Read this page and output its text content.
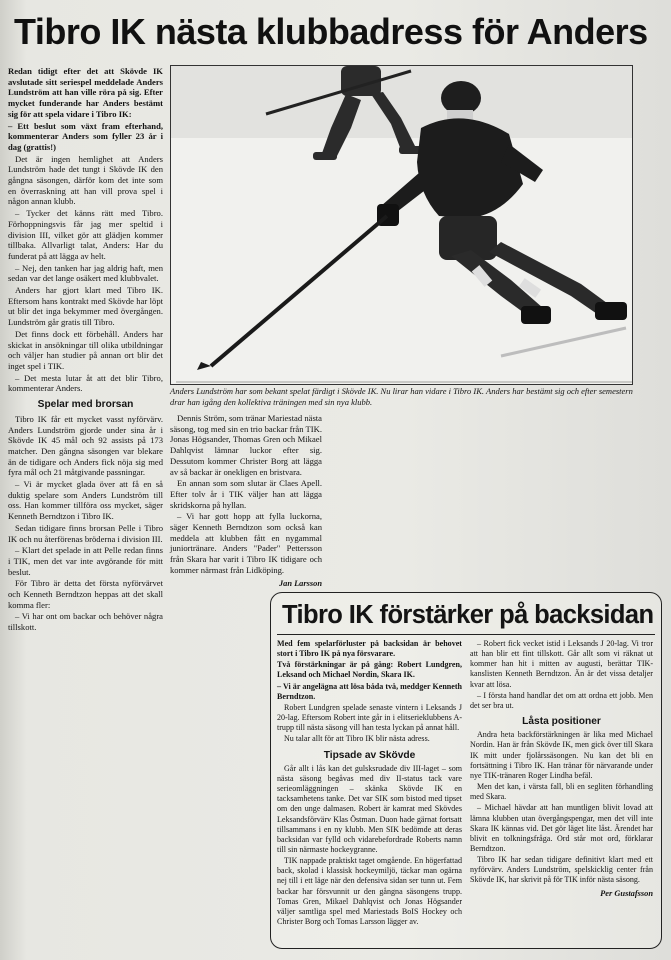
Tibro IK nästa klubbadress för Anders

Redan tidigt efter det att Skövde IK avslutade sitt seriespel meddelade Anders Lundström att han ville röra på sig. Efter mycket funderande har Anders bestämt sig för att spela vidare i Tibro IK:

– Ett beslut som växt fram efterhand, kommenterar Anders som fyller 23 år i dag (grattis!)

Det är ingen hemlighet att Anders Lundström hade det tungt i Skövde IK den gångna säsongen, därför kom det inte som en överraskning att han vill prova spel i någon annan klubb.

– Tycker det känns rätt med Tibro. Förhoppningsvis får jag mer speltid i division III, vilket gör att glädjen kommer tillbaka. Allvarligt talat, Anders: Har du funderat på att lägga av helt.

– Nej, den tanken har jag aldrig haft, men sedan var det lange osäkert med klubbvalet.

Anders har gjort klart med Tibro IK. Eftersom hans kontrakt med Skövde har löpt ut blir det inga bekymmer med övergången. Lundström går gratis till Tibro.

Det finns dock ett förbehåll. Anders har skickat in ansökningar till olika utbildningar och väljer han studier på annan ort blir det inget spel i TIK.

– Det mesta lutar åt att det blir Tibro, kommenterar Anders.

Spelar med brorsan

Tibro IK får ett mycket vasst nyförvärv. Anders Lundström gjorde under sina år i Skövde IK 45 mål och 92 assists på 173 matcher. Den gångna säsongen var blekare än de tidigare och Anders fick nöja sig med fyra mål och 21 måtgivande passningar.

– Vi är mycket glada över att få en så duktig spelare som Anders Lundström till oss. Han kommer tillföra oss mycket, säger Kenneth Berndtzon i Tibro IK.

Sedan tidigare finns brorsan Pelle i Tibro IK och nu återförenas bröderna i division III.

– Klart det spelade in att Pelle redan finns i TIK, men det var inte avgörande för mitt beslut.

För Tibro är detta det första nyförvärvet och Kenneth Berndtzon heppas att det skall komma fler:

– Vi har ont om backar och behöver några tillskott.

Anders Lundström har som bekant spelat färdigt i Skövde IK. Nu lirar han vidare i Tibro IK. Anders har bestämt sig och efter semestern drar han igång den kollektiva träningen med sin nya klubb.

Dennis Ström, som tränar Mariestad nästa säsong, tog med sin en trio backar från TIK. Jonas Högsander, Thomas Gren och Mikael Dahlqvist lämnar luckor efter sig. Dessutom kommer Christer Borg att lägga av så backar är onekligen en bristvara.

En annan som som slutar är Claes Apell. Efter tolv år i TIK väljer han att lägga skridskorna på hyllan.

– Vi har gott hopp att fylla luckorna, säger Kenneth Berndtzon som också kan meddela att klubben fått en nygammal juniortränare. Anders "Pader" Pettersson från Skara har varit i Tibro IK tidigare och kommer närmast från Lidköping.

Jan Larsson
Tibro IK förstärker på backsidan

Med fem spelarförluster på backsidan är behovet stort i Tibro IK på nya försvarare.

Två förstärkningar är på gång: Robert Lundgren, Leksand och Michael Nordin, Skara IK.

– Vi är angelägna att lösa båda två, meddger Kenneth Berndtzon.

Robert Lundgren spelade senaste vintern i Leksands J 20-lag. Eftersom Robert inte går in i elitserieklubbens A-trupp till nästa säsong vill han testa lyckan på annat håll.

Nu talar allt för att Tibro IK blir nästa adress.

Tipsade av Skövde

Går allt i lås kan det gulsksrudade div III-laget – som nästa säsong begåvas med div II-status tack vare serieomläggningen – skänka Skövde IK en tacksamhetens tanke. Det var SIK som bistod med tipset om den unge dalmasen. Robert är kamrat med Skövdes Leksandsförvärv Klas Östman. Duon hade gärnat fortsatt tillsammans i en ny klubb. Men SIK bedömde att deras backsidan var fylld och vidarebefordrade Roberts namn till sin närmaste hockeygranne.

TIK nappade praktiskt taget omgående. En högerfattad back, skolad i klassisk hockeymiljö, täckar man ogärna nej till i ett läge när den defensiva sidan ser tunn ut. Fem backar har försvunnit ur den gångna säsongens trupp. Tomas Gren, Mikael Dahlqvist och Jonas Högsander väljer samtliga spel med Mariestads BoIS Hockey och Christer Borg och Tomas Larsson lägger av.

– Robert fick vecket istid i Leksands J 20-lag. Vi tror att han blir ett fint tillskott. Går allt som vi räknat ut kommer han hit i mitten av augusti, berättar TIK-kanslisten Kenneth Berndtzon. Än är det vissa detaljer kvar att lösa.

– I första hand handlar det om att ordna ett jobb. Men det ser bra ut.

Låsta positioner

Andra heta backförstärkningen är lika med Michael Nordin. Han är från Skövde IK, men gick över till Skara IK mitt under fjolårssäsongen. Nu kan det bli en fortsättning i Tibro IK. Han tränar för närvarande under nye TIK-tränaren Roger Lindha befäl.

Men det kan, i värsta fall, bli en segliten förhandling med Skara.

– Michael hävdar att han muntligen blivit lovad att lämna klubben utan övergångspengar, men det vill inte Skara IK kännas vid. Det gör läget lite låst. Ärendet har blivit en tolkningsfråga. Ord står mot ord, förklarar Berndtzon.

Tibro IK har sedan tidigare definitivt klart med ett nyförvärv. Anders Lundström, spelskicklig center från Skövde IK, har skrivit på för TIK inför nästa säsong.

Per Gustafsson
